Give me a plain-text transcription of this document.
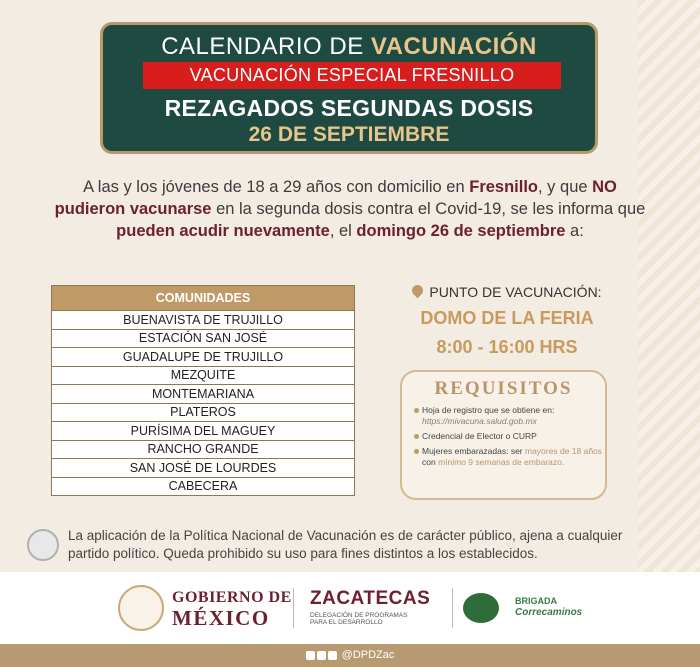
CALENDARIO DE VACUNACIÓN
VACUNACIÓN ESPECIAL FRESNILLO
REZAGADOS SEGUNDAS DOSIS
26 DE SEPTIEMBRE
A las y los jóvenes de 18 a 29 años con domicilio en Fresnillo, y que NO pudieron vacunarse en la segunda dosis contra el Covid-19, se les informa que pueden acudir nuevamente, el domingo 26 de septiembre a:
COMUNIDADES
BUENAVISTA DE TRUJILLO
ESTACIÓN SAN JOSÉ
GUADALUPE DE TRUJILLO
MEZQUITE
MONTEMARIANA
PLATEROS
PURÍSIMA DEL MAGUEY
RANCHO GRANDE
SAN JOSÉ DE LOURDES
CABECERA
PUNTO DE VACUNACIÓN:
DOMO DE LA FERIA
8:00 - 16:00 HRS
REQUISITOS
Hoja de registro que se obtiene en: https://mivacuna.salud.gob.mx
Credencial de Elector o CURP
Mujeres embarazadas: ser mayores de 18 años con mínimo 9 semanas de embarazo.
La aplicación de la Política Nacional de Vacunación es de carácter público, ajena a cualquier partido político. Queda prohibido su uso para fines distintos a los establecidos.
GOBIERNO DE
MÉXICO
ZACATECAS
DELEGACIÓN DE PROGRAMAS
PARA EL DESARROLLO
BRIGADA
Correcaminos
@DPDZac
